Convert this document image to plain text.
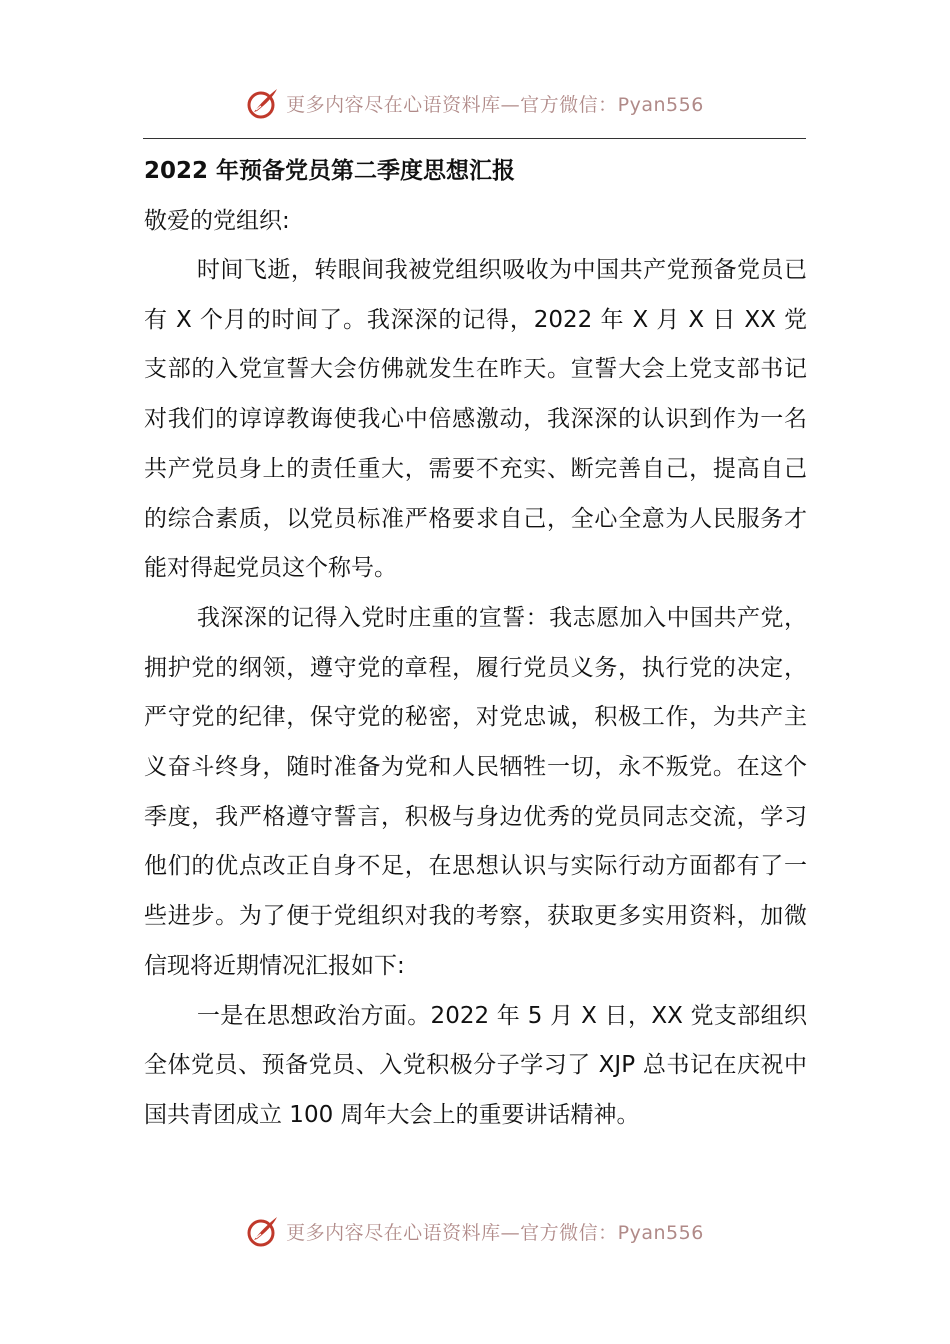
更多内容尽在心语资料库—官方微信：Pyan556
2022 年预备党员第二季度思想汇报

敬爱的党组织:

时间飞逝，转眼间我被党组织吸收为中国共产党预备党员已有 X 个月的时间了。我深深的记得，2022 年 X 月 X 日 XX 党支部的入党宣誓大会仿佛就发生在昨天。宣誓大会上党支部书记对我们的谆谆教诲使我心中倍感激动，我深深的认识到作为一名共产党员身上的责任重大，需要不充实、断完善自己，提高自己的综合素质，以党员标准严格要求自己，全心全意为人民服务才能对得起党员这个称号。

我深深的记得入党时庄重的宣誓：我志愿加入中国共产党，拥护党的纲领，遵守党的章程，履行党员义务，执行党的决定，严守党的纪律，保守党的秘密，对党忠诚，积极工作，为共产主义奋斗终身，随时准备为党和人民牺牲一切，永不叛党。在这个季度，我严格遵守誓言，积极与身边优秀的党员同志交流，学习他们的优点改正自身不足，在思想认识与实际行动方面都有了一些进步。为了便于党组织对我的考察，获取更多实用资料，加微信现将近期情况汇报如下:

一是在思想政治方面。2022 年 5 月 X 日，XX 党支部组织全体党员、预备党员、入党积极分子学习了 XJP 总书记在庆祝中国共青团成立 100 周年大会上的重要讲话精神。

更多内容尽在心语资料库—官方微信：Pyan556
